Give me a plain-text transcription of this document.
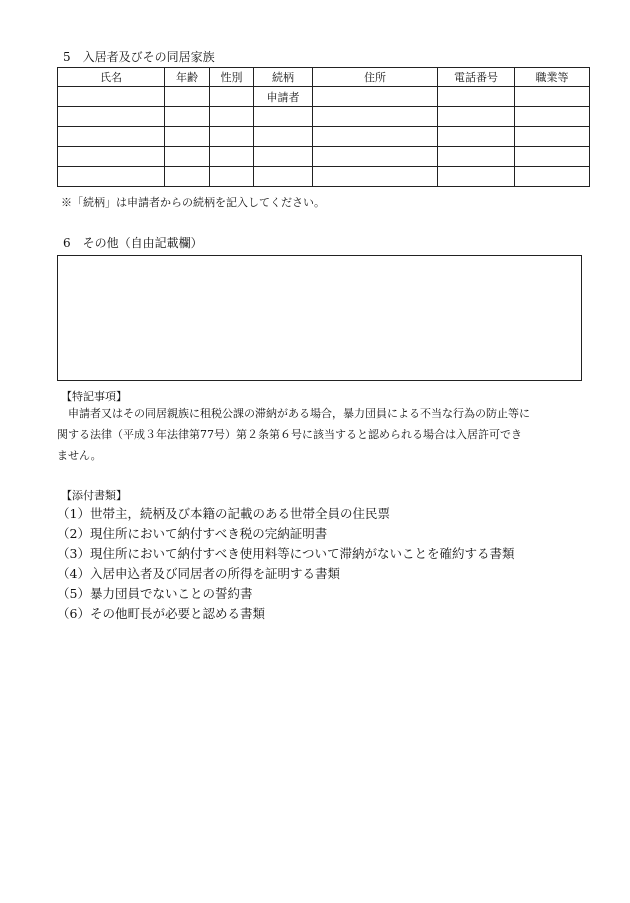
5　入居者及びその同居家族
氏名	年齢	性別	続柄	住所	電話番号	職業等
			申請者			

※「続柄」は申請者からの続柄を記入してください。
6　その他（自由記載欄）
【特記事項】
申請者又はその同居親族に租税公課の滞納がある場合，暴力団員による不当な行為の防止等に
関する法律（平成３年法律第77号）第２条第６号に該当すると認められる場合は入居許可でき
ません。
【添付書類】
（1）世帯主，続柄及び本籍の記載のある世帯全員の住民票
（2）現住所において納付すべき税の完納証明書
（3）現住所において納付すべき使用料等について滞納がないことを確約する書類
（4）入居申込者及び同居者の所得を証明する書類
（5）暴力団員でないことの誓約書
（6）その他町長が必要と認める書類
